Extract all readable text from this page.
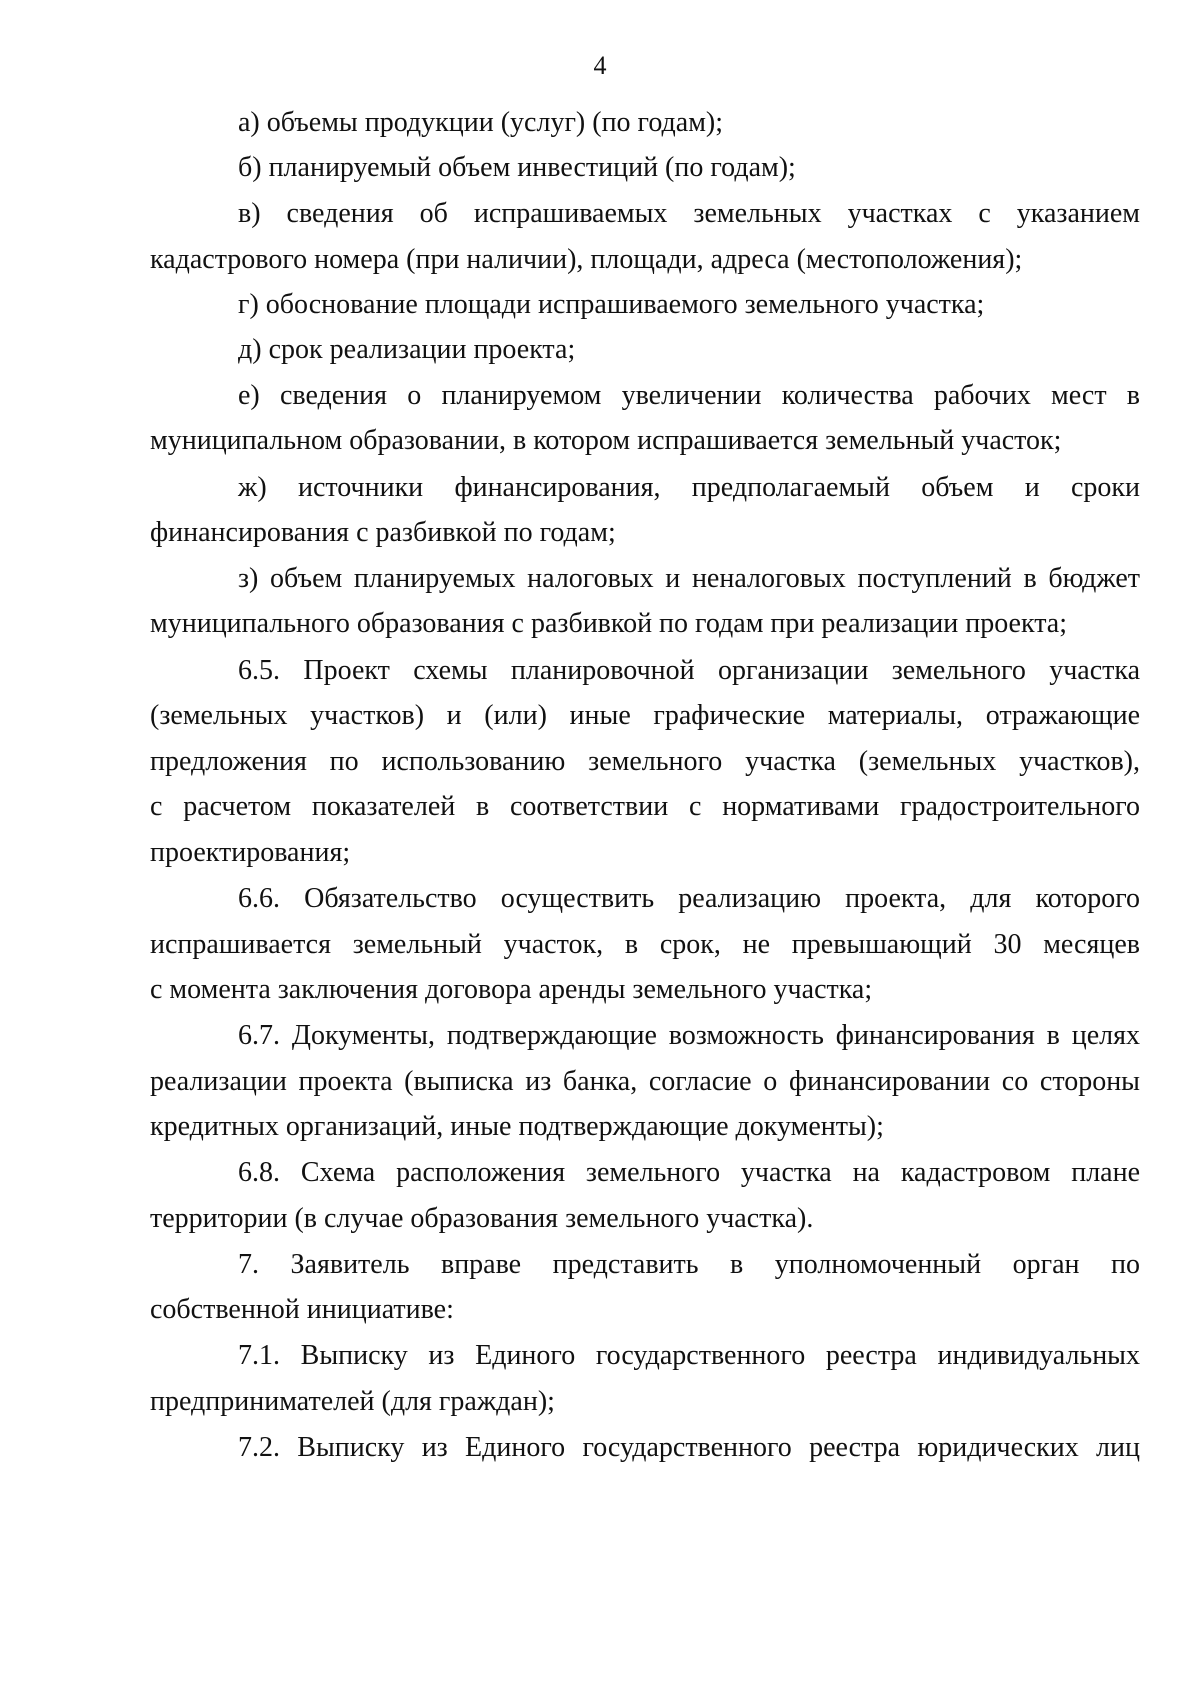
4
а) объемы продукции (услуг) (по годам);
б) планируемый объем инвестиций (по годам);
в) сведения об испрашиваемых земельных участках с указанием
кадастрового номера (при наличии), площади, адреса (местоположения);
г) обоснование площади испрашиваемого земельного участка;
д) срок реализации проекта;
е) сведения о планируемом увеличении количества рабочих мест в
муниципальном образовании, в котором испрашивается земельный участок;
ж) источники финансирования, предполагаемый объем и сроки
финансирования с разбивкой по годам;
з) объем планируемых налоговых и неналоговых поступлений в бюджет
муниципального образования с разбивкой по годам при реализации проекта;
6.5. Проект схемы планировочной организации земельного участка
(земельных участков) и (или) иные графические материалы, отражающие
предложения по использованию земельного участка (земельных участков),
с расчетом показателей в соответствии с нормативами градостроительного
проектирования;
6.6. Обязательство осуществить реализацию проекта, для которого
испрашивается земельный участок, в срок, не превышающий 30 месяцев
с момента заключения договора аренды земельного участка;
6.7. Документы, подтверждающие возможность финансирования в целях
реализации проекта (выписка из банка, согласие о финансировании со стороны
кредитных организаций, иные подтверждающие документы);
6.8. Схема расположения земельного участка на кадастровом плане
территории (в случае образования земельного участка).
7. Заявитель вправе представить в уполномоченный орган по
собственной инициативе:
7.1. Выписку из Единого государственного реестра индивидуальных
предпринимателей (для граждан);
7.2. Выписку из Единого государственного реестра юридических лиц
